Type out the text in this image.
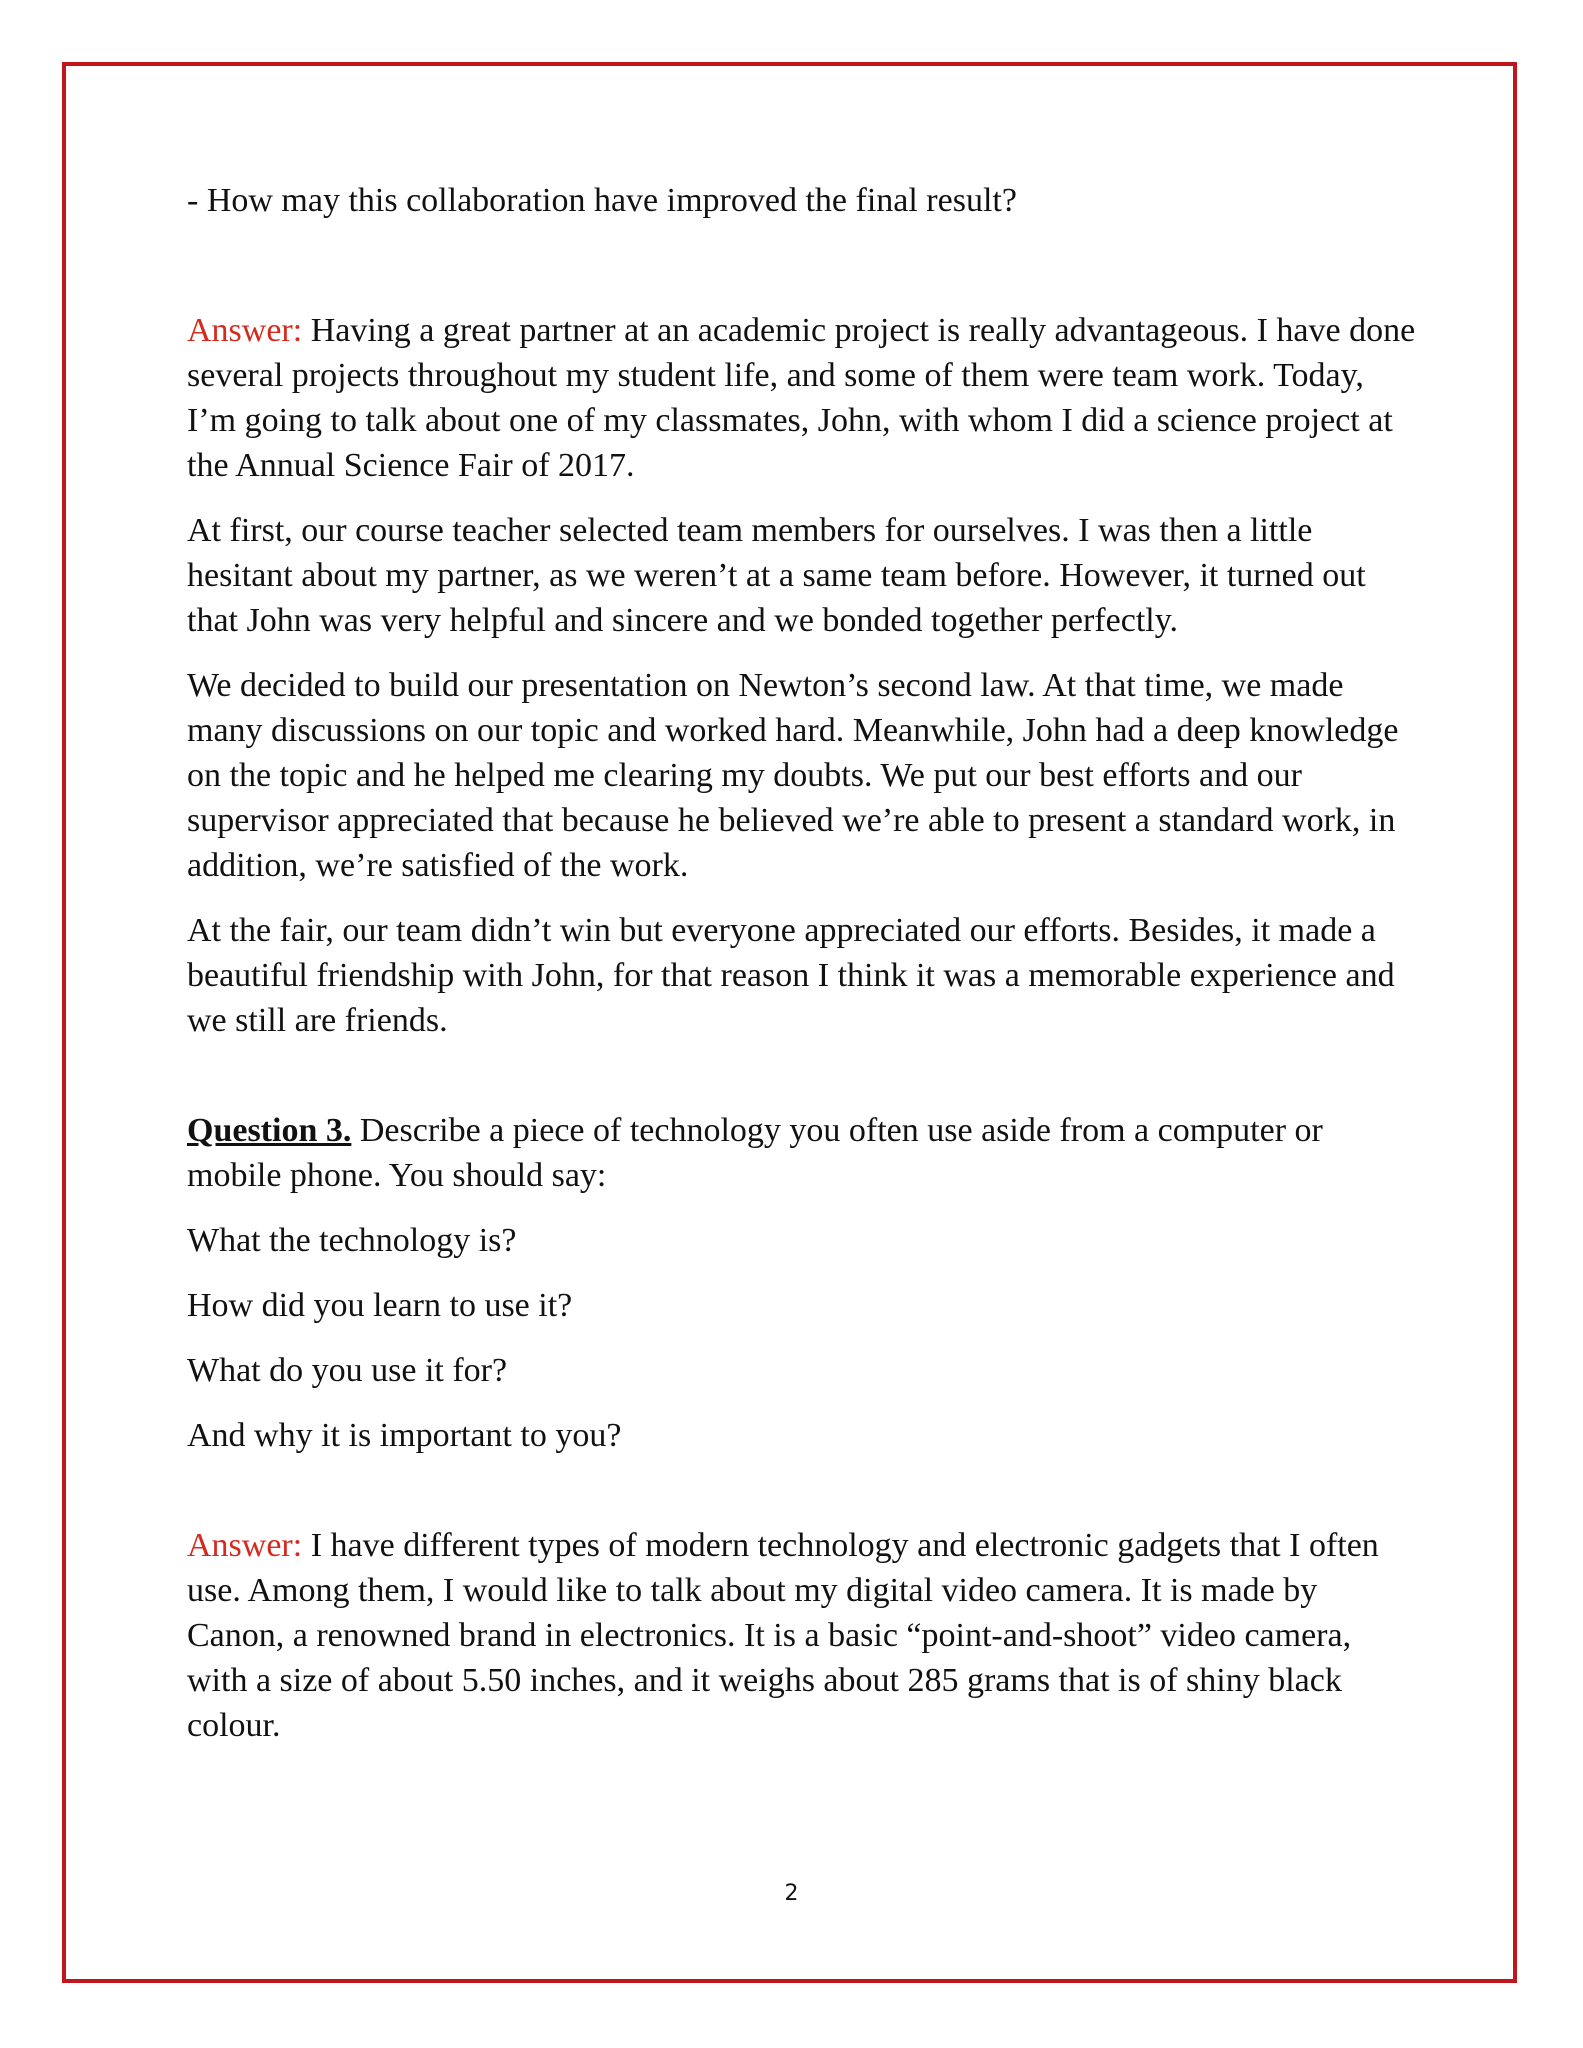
- How may this collaboration have improved the final result?

Answer: Having a great partner at an academic project is really advantageous. I have done several projects throughout my student life, and some of them were team work. Today, I’m going to talk about one of my classmates, John, with whom I did a science project at the Annual Science Fair of 2017.

At first, our course teacher selected team members for ourselves. I was then a little hesitant about my partner, as we weren’t at a same team before. However, it turned out that John was very helpful and sincere and we bonded together perfectly.

We decided to build our presentation on Newton’s second law. At that time, we made many discussions on our topic and worked hard. Meanwhile, John had a deep knowledge on the topic and he helped me clearing my doubts. We put our best efforts and our supervisor appreciated that because he believed we’re able to present a standard work, in addition, we’re satisfied of the work.

At the fair, our team didn’t win but everyone appreciated our efforts. Besides, it made a beautiful friendship with John, for that reason I think it was a memorable experience and we still are friends.

Question 3. Describe a piece of technology you often use aside from a computer or mobile phone. You should say:

What the technology is?

How did you learn to use it?

What do you use it for?

And why it is important to you?

Answer: I have different types of modern technology and electronic gadgets that I often use. Among them, I would like to talk about my digital video camera. It is made by Canon, a renowned brand in electronics. It is a basic “point-and-shoot” video camera, with a size of about 5.50 inches, and it weighs about 285 grams that is of shiny black colour.

2
